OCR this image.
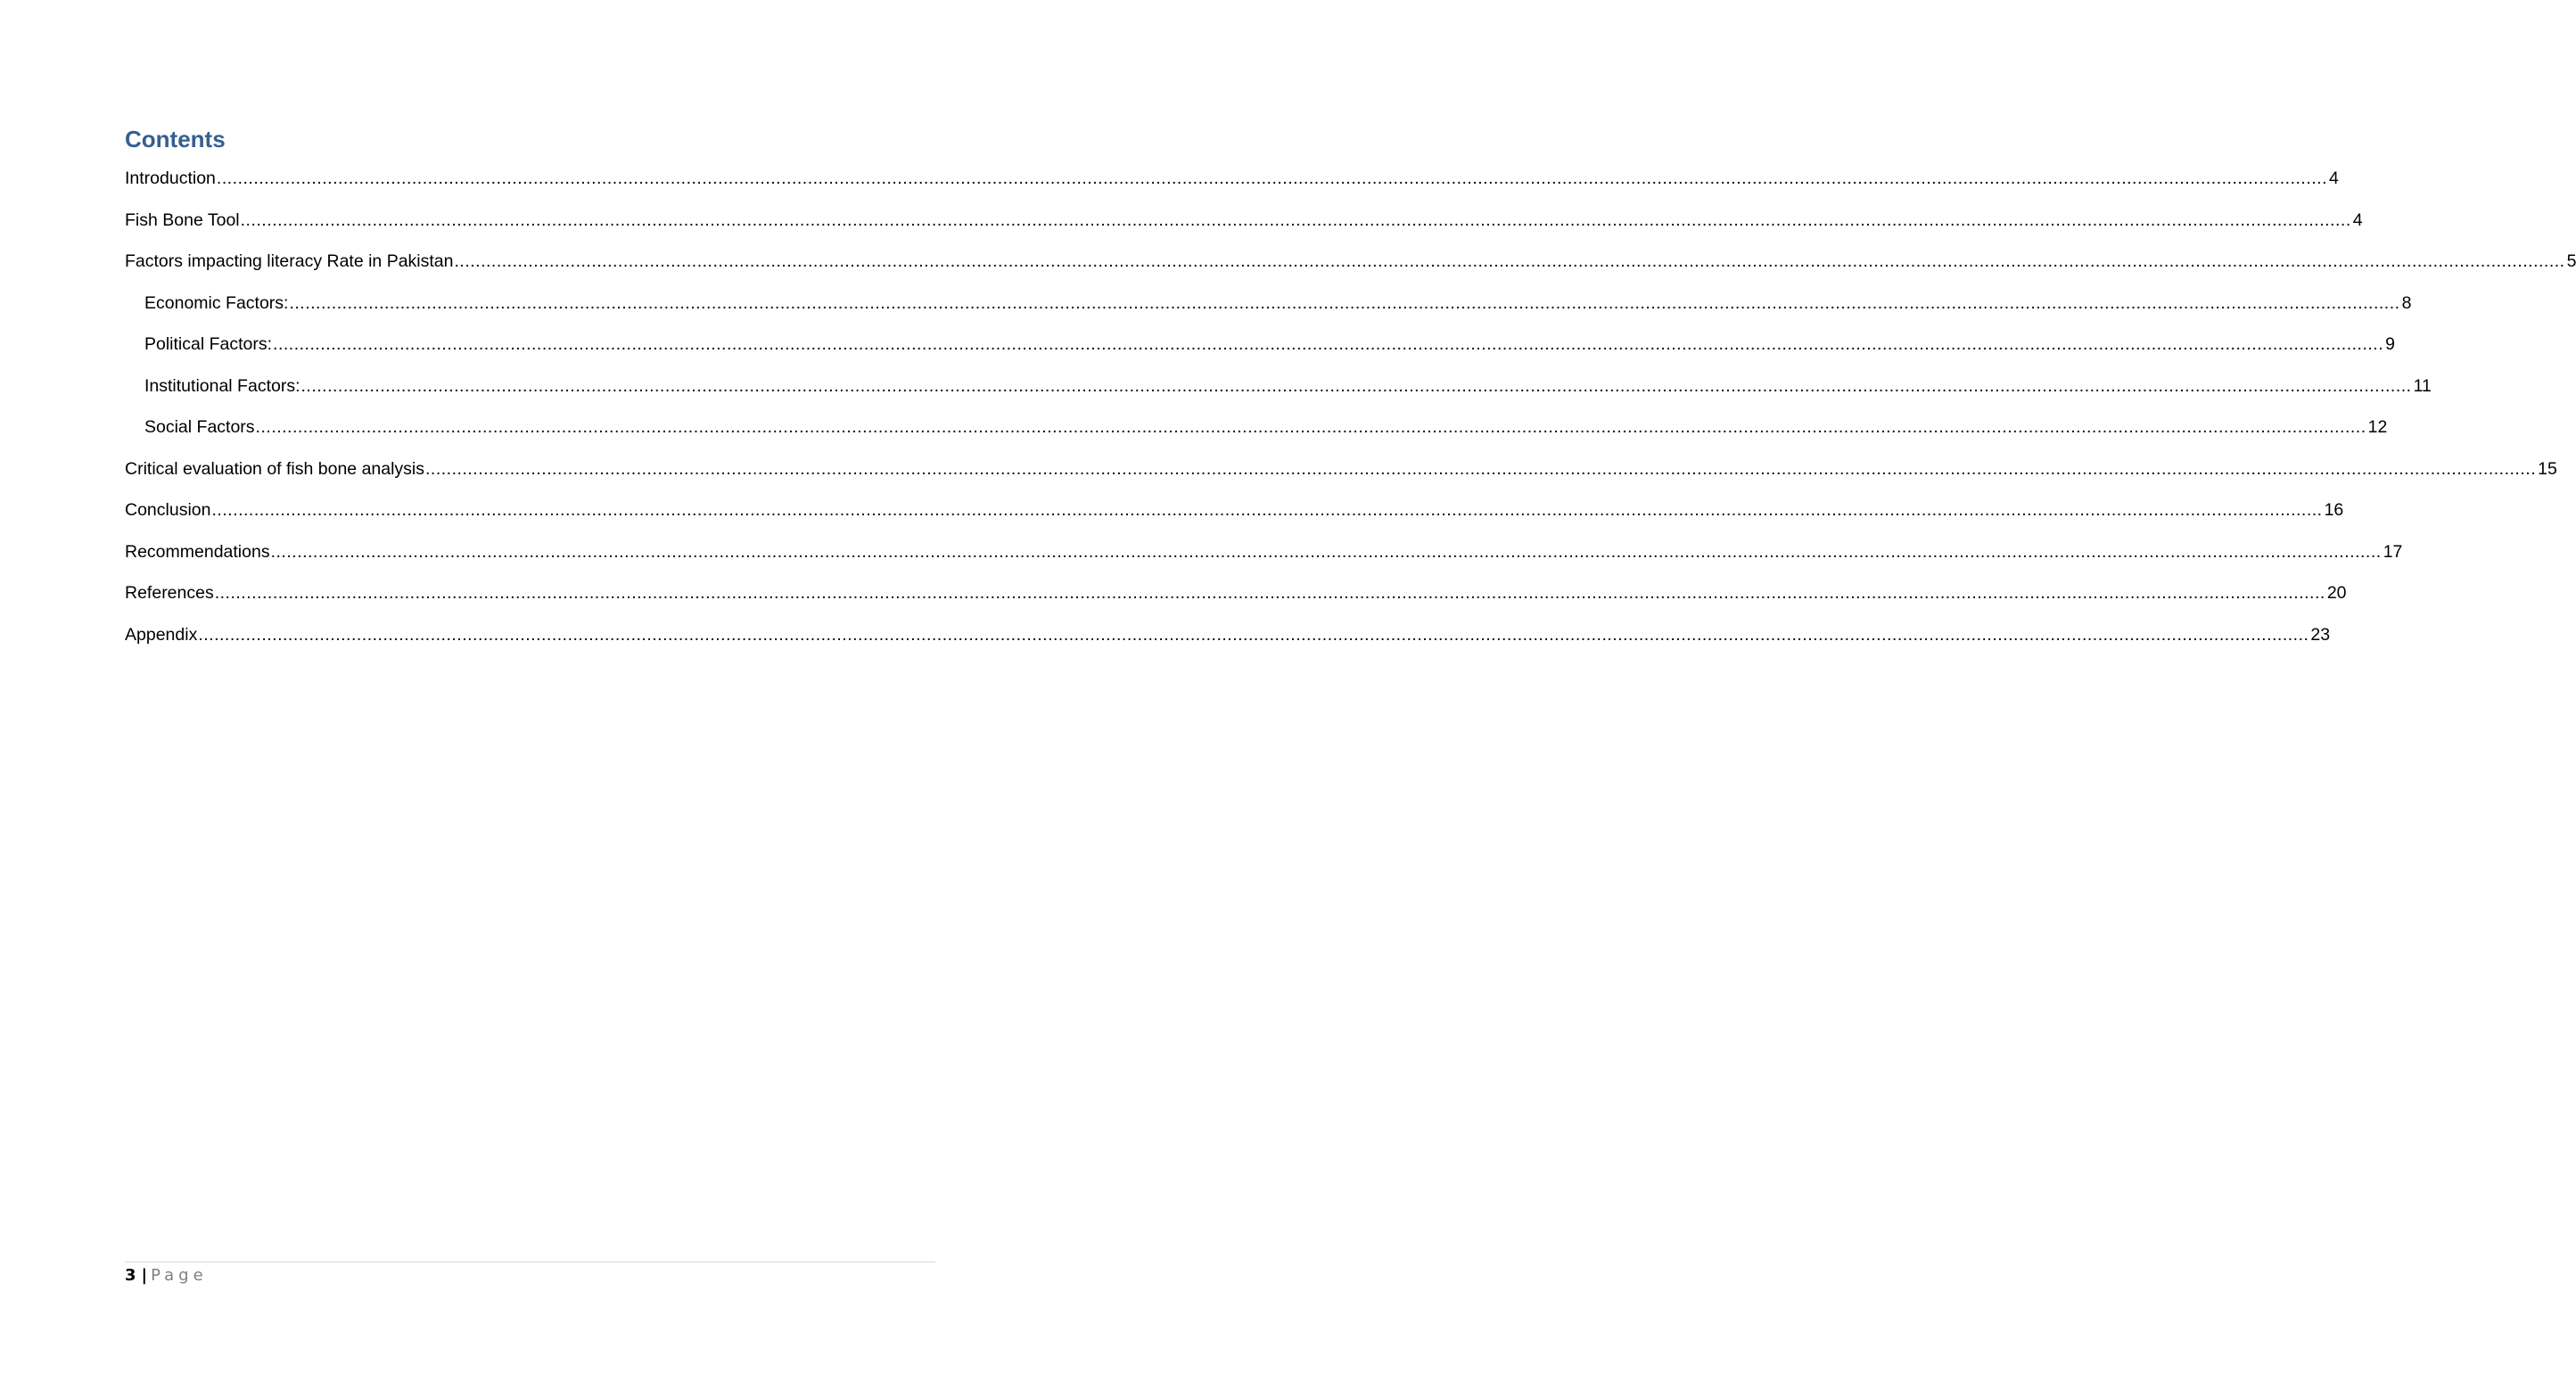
Contents
Introduction ................................................................................................................................................................................................................................................................................................................................................................................................................ 4
Fish Bone Tool ................................................................................................................................................................................................................................................................................................................................................................................................................ 4
Factors impacting literacy Rate in Pakistan ................................................................................................................................................................................................................................................................................................................................................................................................................ 5
Economic Factors: ................................................................................................................................................................................................................................................................................................................................................................................................................ 8
Political Factors: ................................................................................................................................................................................................................................................................................................................................................................................................................ 9
Institutional Factors: ................................................................................................................................................................................................................................................................................................................................................................................................................ 11
Social Factors ................................................................................................................................................................................................................................................................................................................................................................................................................ 12
Critical evaluation of fish bone analysis ................................................................................................................................................................................................................................................................................................................................................................................................................ 15
Conclusion ................................................................................................................................................................................................................................................................................................................................................................................................................ 16
Recommendations ................................................................................................................................................................................................................................................................................................................................................................................................................ 17
References ................................................................................................................................................................................................................................................................................................................................................................................................................ 20
Appendix ................................................................................................................................................................................................................................................................................................................................................................................................................ 23
3 | Page
